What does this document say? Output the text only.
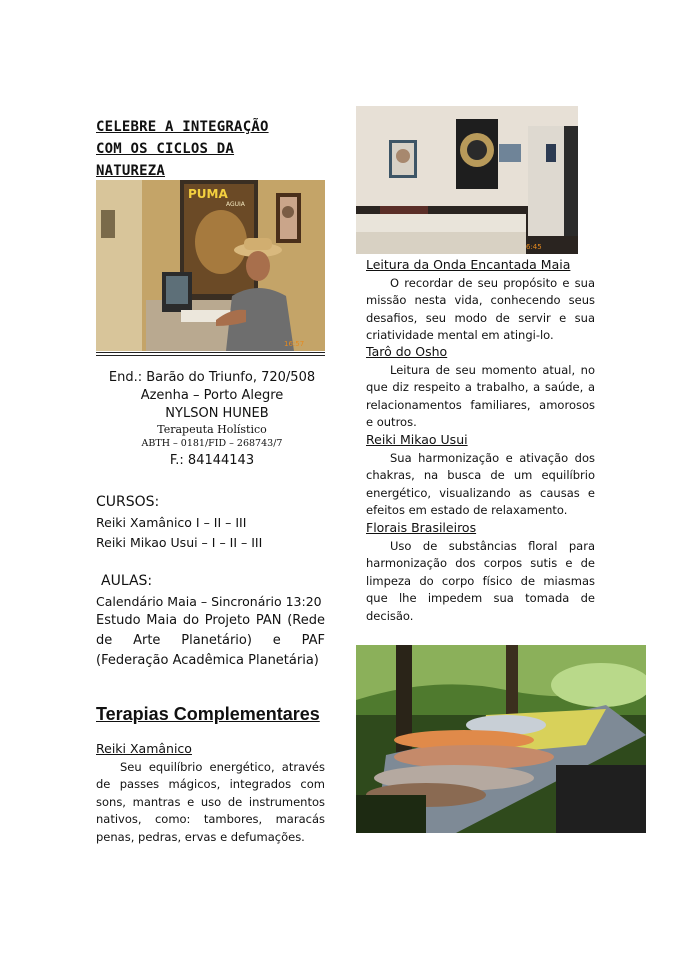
CELEBRE A INTEGRAÇÃO
COM OS CICLOS DA
NATUREZA
PUMA
AGUIA
16:57
End.: Barão do Triunfo, 720/508
Azenha – Porto Alegre
NYLSON HUNEB
Terapeuta Holístico
ABTH – 0181/FID – 268743/7
F.: 84144143
CURSOS:
Reiki Xamânico I – II – III
Reiki Mikao Usui – I – II – III
AULAS:
Calendário Maia – Sincronário 13:20
Estudo Maia do Projeto PAN (Rede de Arte Planetário) e PAF (Federação Acadêmica Planetária)
Terapias Complementares
Reiki Xamânico
Seu equilíbrio energético, através de passes mágicos, integrados com sons, mantras e uso de instrumentos nativos, como: tambores, maracás penas, pedras, ervas e defumações.
6:45
Leitura da Onda Encantada Maia
O recordar de seu propósito e sua missão nesta vida, conhecendo seus desafios, seu modo de servir e sua criatividade mental em atingi-lo.
Tarô do Osho
Leitura de seu momento atual, no que diz respeito a trabalho, a saúde, a relacionamentos familiares, amorosos e outros.
Reiki Mikao Usui
Sua harmonização e ativação dos chakras, na busca de um equilíbrio energético, visualizando as causas e efeitos em estado de relaxamento.
Florais Brasileiros
Uso de substâncias floral para harmonização dos corpos sutis e de limpeza do corpo físico de miasmas que lhe impedem sua tomada de decisão.
